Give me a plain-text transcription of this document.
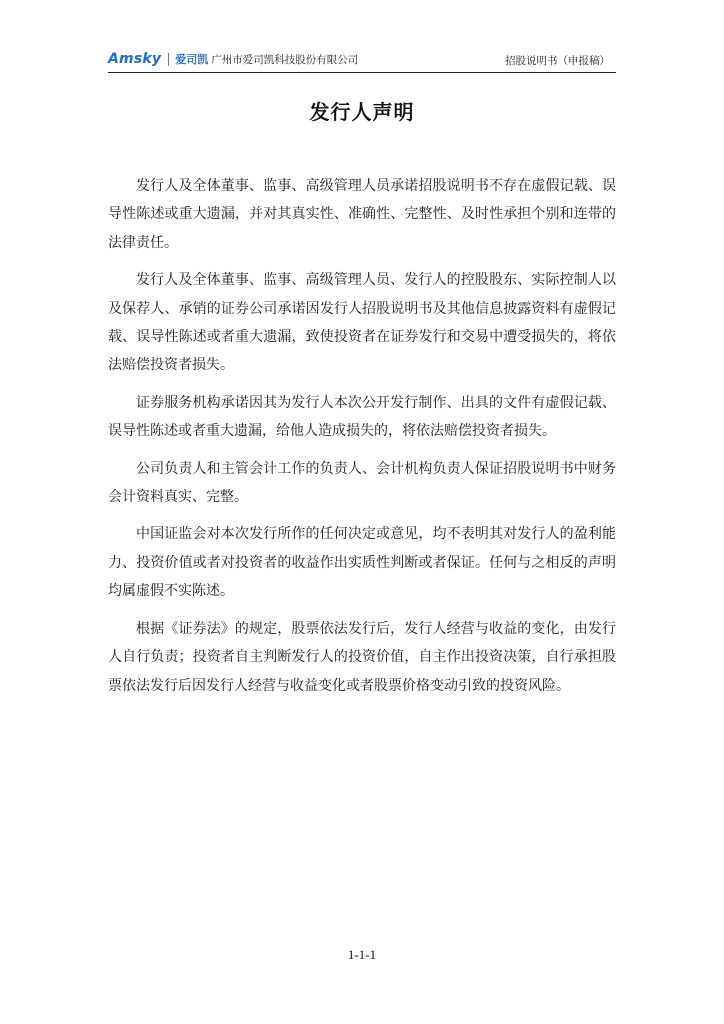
Amsky 爱司凯 广州市爱司凯科技股份有限公司	招股说明书（申报稿）
发行人声明

发行人及全体董事、监事、高级管理人员承诺招股说明书不存在虚假记载、误导性陈述或重大遗漏，并对其真实性、准确性、完整性、及时性承担个别和连带的法律责任。

发行人及全体董事、监事、高级管理人员、发行人的控股股东、实际控制人以及保荐人、承销的证券公司承诺因发行人招股说明书及其他信息披露资料有虚假记载、误导性陈述或者重大遗漏，致使投资者在证券发行和交易中遭受损失的，将依法赔偿投资者损失。

证券服务机构承诺因其为发行人本次公开发行制作、出具的文件有虚假记载、误导性陈述或者重大遗漏，给他人造成损失的，将依法赔偿投资者损失。

公司负责人和主管会计工作的负责人、会计机构负责人保证招股说明书中财务会计资料真实、完整。

中国证监会对本次发行所作的任何决定或意见，均不表明其对发行人的盈利能力、投资价值或者对投资者的收益作出实质性判断或者保证。任何与之相反的声明均属虚假不实陈述。

根据《证券法》的规定，股票依法发行后，发行人经营与收益的变化，由发行人自行负责；投资者自主判断发行人的投资价值，自主作出投资决策，自行承担股票依法发行后因发行人经营与收益变化或者股票价格变动引致的投资风险。

1-1-1
